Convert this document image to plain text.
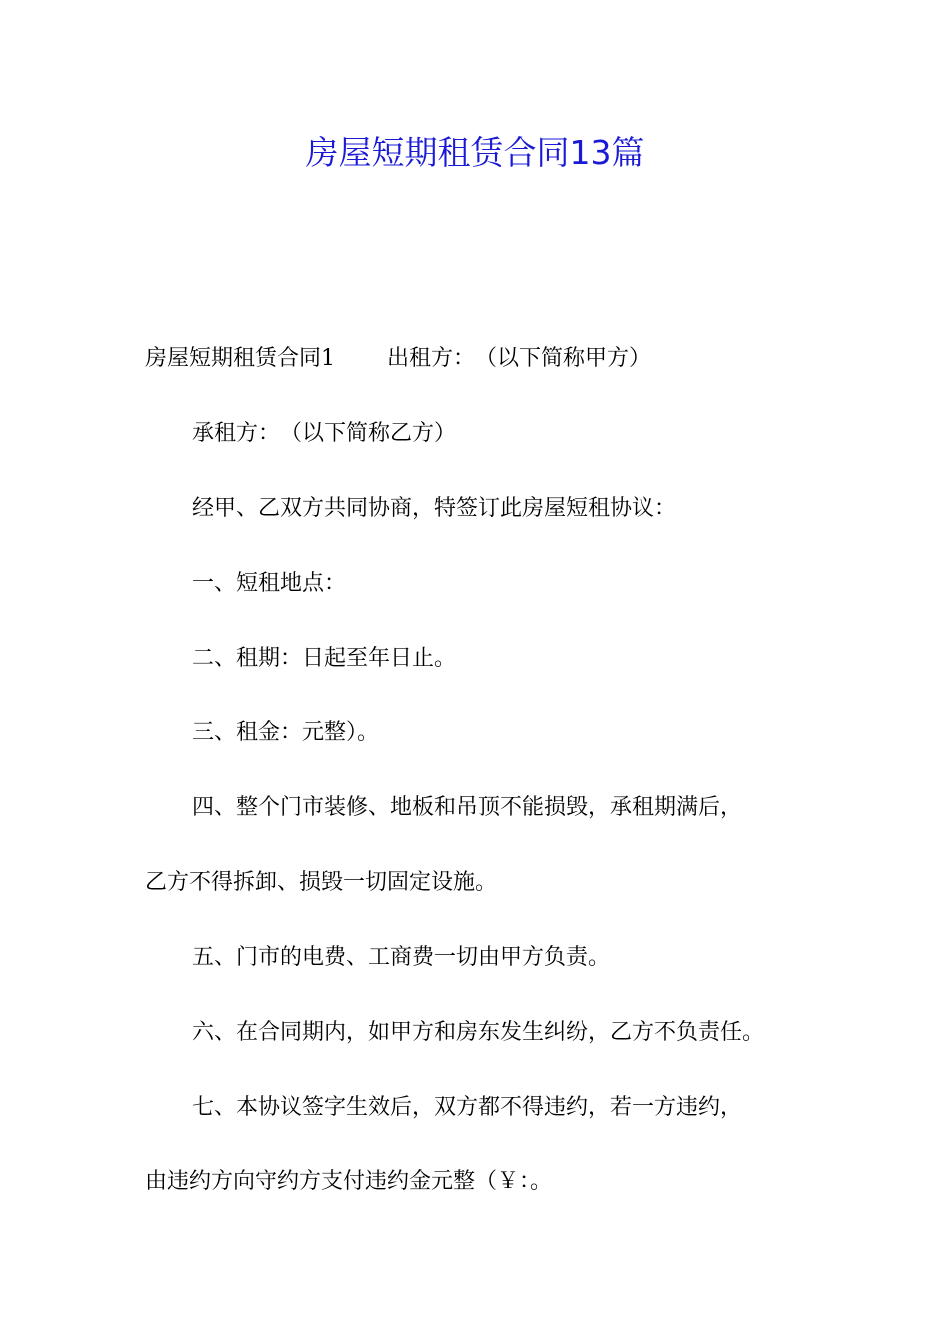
房屋短期租赁合同13篇

房屋短期租赁合同1 出租方：　（以下简称甲方）

承租方：　（以下简称乙方）

经甲、乙双方共同协商，特签订此房屋短租协议：

一、短租地点：

二、租期：日起至年日止。

三、租金：元整）。

四、整个门市装修、地板和吊顶不能损毁，承租期满后，

乙方不得拆卸、损毁一切固定设施。

五、门市的电费、工商费一切由甲方负责。

六、在合同期内，如甲方和房东发生纠纷，乙方不负责任。

七、本协议签字生效后，双方都不得违约，若一方违约，

由违约方向守约方支付违约金元整（￥：。
